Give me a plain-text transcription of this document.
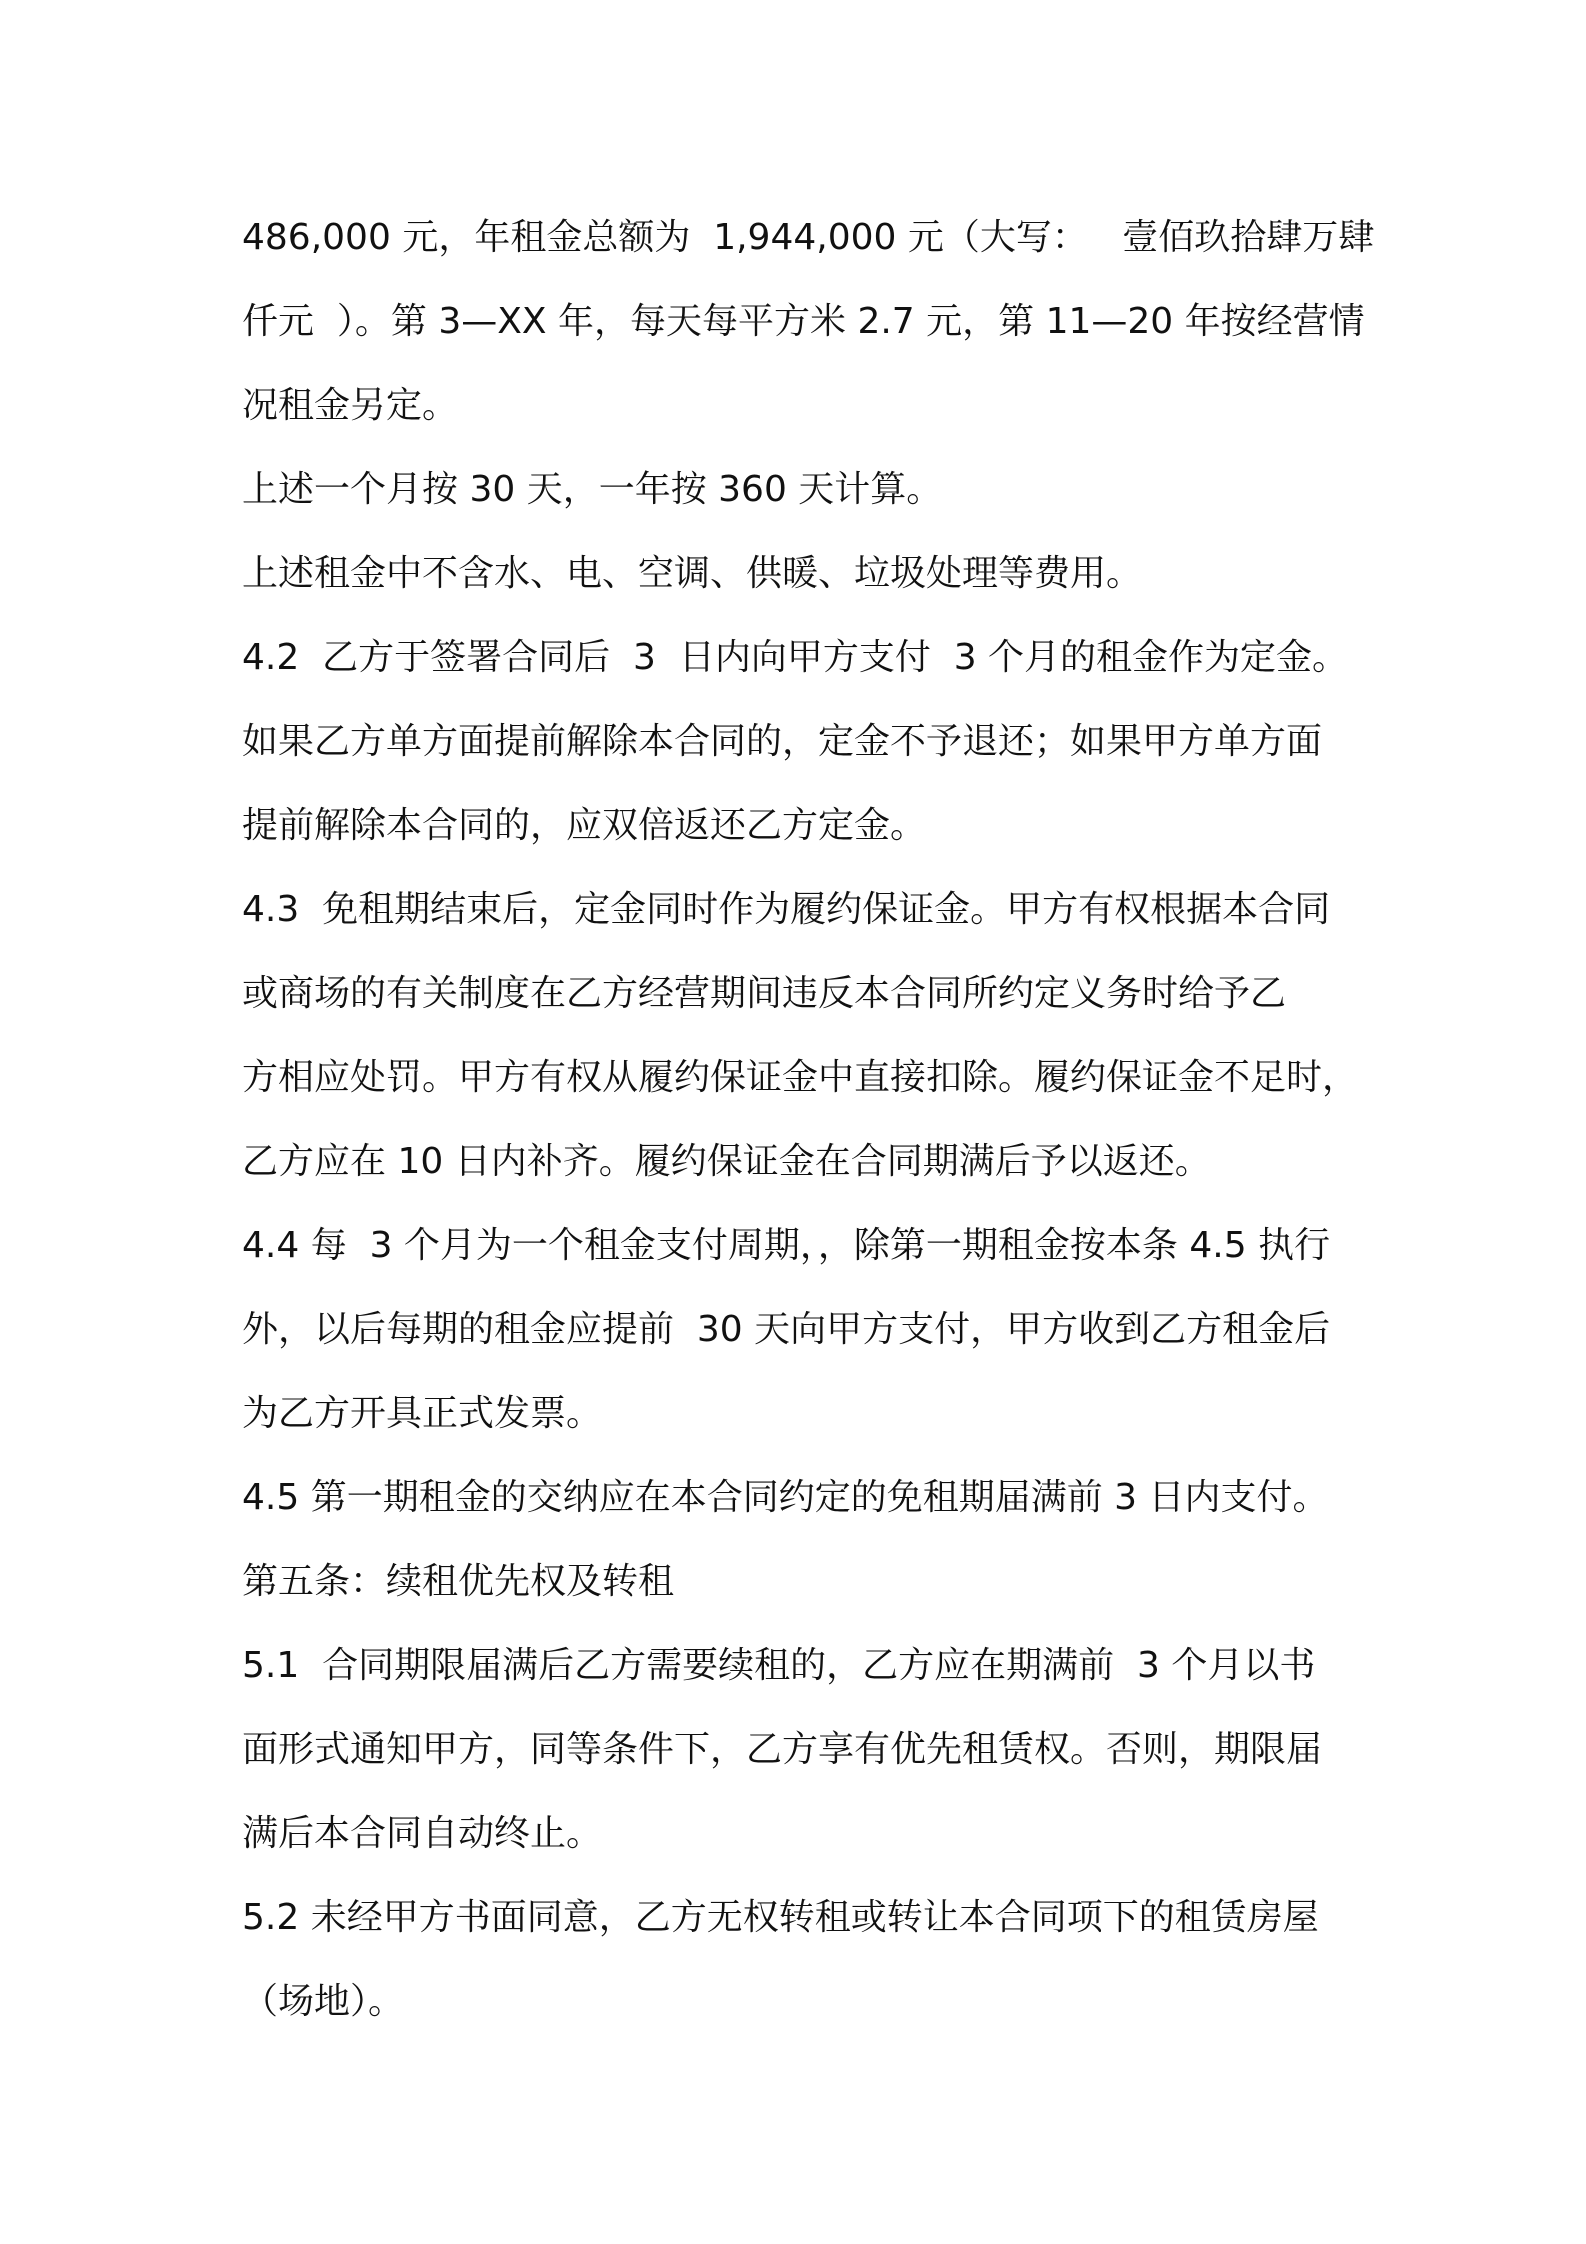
486,000 元，年租金总额为  1,944,000 元（大写：   壹佰玖拾肆万肆
仟元  ）。第 3—XX 年，每天每平方米 2.7 元，第 11—20 年按经营情
况租金另定。
上述一个月按 30 天，一年按 360 天计算。
上述租金中不含水、电、空调、供暖、垃圾处理等费用。
4.2  乙方于签署合同后  3  日内向甲方支付  3 个月的租金作为定金。
如果乙方单方面提前解除本合同的，定金不予退还；如果甲方单方面
提前解除本合同的，应双倍返还乙方定金。
4.3  免租期结束后，定金同时作为履约保证金。甲方有权根据本合同
或商场的有关制度在乙方经营期间违反本合同所约定义务时给予乙
方相应处罚。甲方有权从履约保证金中直接扣除。履约保证金不足时，
乙方应在 10 日内补齐。履约保证金在合同期满后予以返还。
4.4 每  3 个月为一个租金支付周期，，除第一期租金按本条 4.5 执行
外，以后每期的租金应提前  30 天向甲方支付，甲方收到乙方租金后
为乙方开具正式发票。
4.5 第一期租金的交纳应在本合同约定的免租期届满前 3 日内支付。
第五条：续租优先权及转租
5.1  合同期限届满后乙方需要续租的，乙方应在期满前  3 个月以书
面形式通知甲方，同等条件下，乙方享有优先租赁权。否则，期限届
满后本合同自动终止。
5.2 未经甲方书面同意，乙方无权转租或转让本合同项下的租赁房屋
（场地）。
